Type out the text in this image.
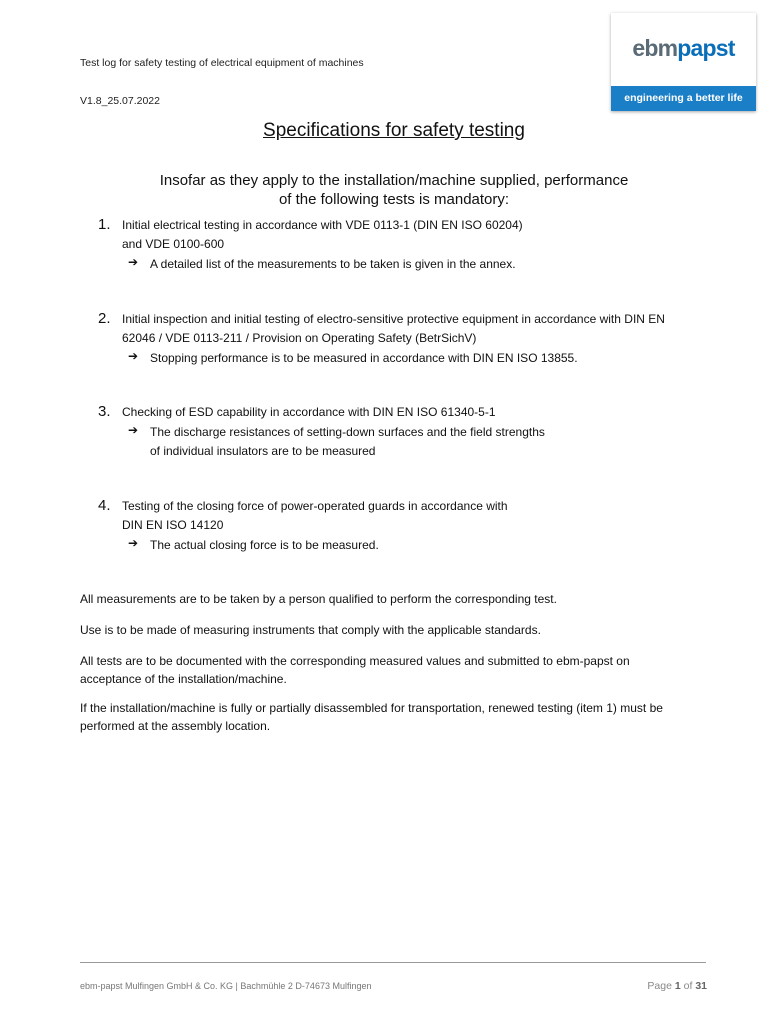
Test log for safety testing of electrical equipment of machines
V1.8_25.07.2022
ebmpapst
engineering a better life
Specifications for safety testing
Insofar as they apply to the installation/machine supplied, performance
of the following tests is mandatory:
1. Initial electrical testing in accordance with VDE 0113-1 (DIN EN ISO 60204)
and VDE 0100-600
➔ A detailed list of the measurements to be taken is given in the annex.
2. Initial inspection and initial testing of electro-sensitive protective equipment in accordance with DIN EN
62046 / VDE 0113-211 / Provision on Operating Safety (BetrSichV)
➔ Stopping performance is to be measured in accordance with DIN EN ISO 13855.
3. Checking of ESD capability in accordance with DIN EN ISO 61340-5-1
➔ The discharge resistances of setting-down surfaces and the field strengths
of individual insulators are to be measured
4. Testing of the closing force of power-operated guards in accordance with
DIN EN ISO 14120
➔ The actual closing force is to be measured.
All measurements are to be taken by a person qualified to perform the corresponding test.
Use is to be made of measuring instruments that comply with the applicable standards.
All tests are to be documented with the corresponding measured values and submitted to ebm-papst on
acceptance of the installation/machine.
If the installation/machine is fully or partially disassembled for transportation, renewed testing (item 1) must be
performed at the assembly location.
ebm-papst Mulfingen GmbH & Co. KG | Bachmühle 2 D-74673 Mulfingen	Page 1 of 31
